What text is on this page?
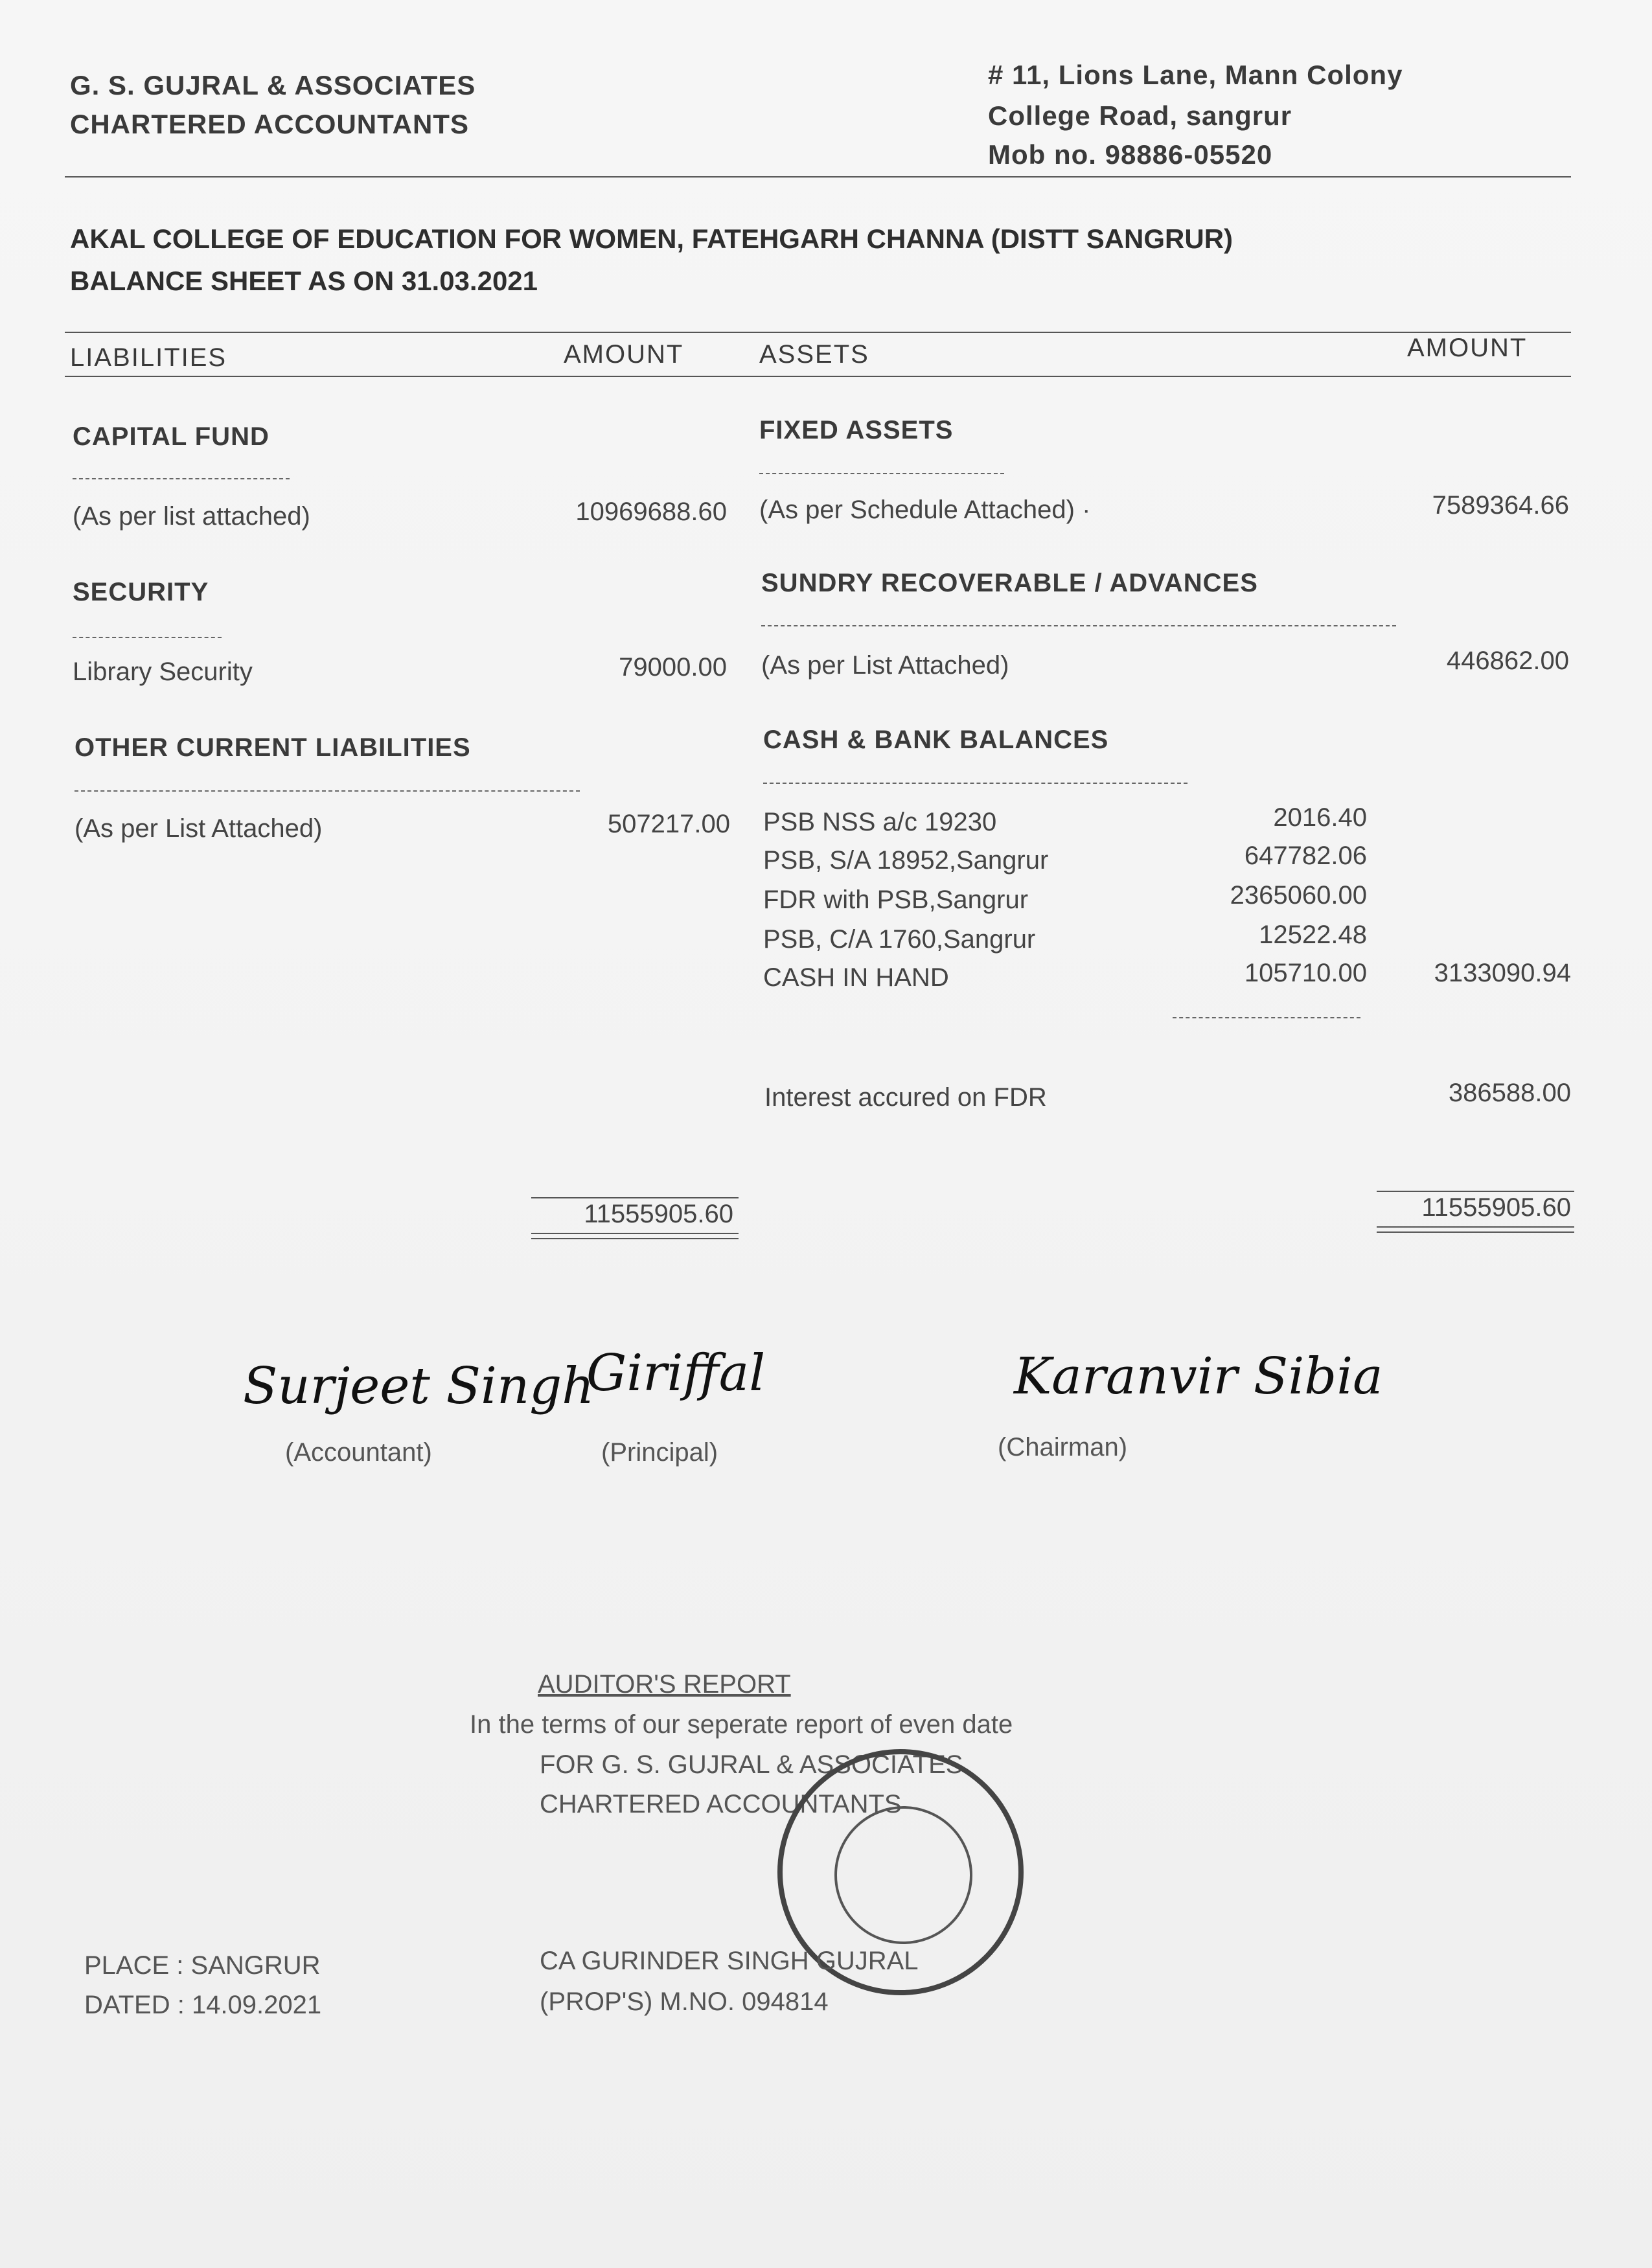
G. S. GUJRAL & ASSOCIATES
CHARTERED ACCOUNTANTS
# 11, Lions Lane, Mann Colony
College Road, sangrur
Mob no. 98886-05520
AKAL COLLEGE OF EDUCATION FOR WOMEN, FATEHGARH CHANNA (DISTT SANGRUR)
BALANCE SHEET AS ON 31.03.2021
LIABILITIES	AMOUNT	ASSETS	AMOUNT
CAPITAL FUND
(As per list attached)	10969688.60
SECURITY
Library Security	79000.00
OTHER CURRENT LIABILITIES
(As per List Attached)	507217.00
11555905.60
FIXED ASSETS
(As per Schedule Attached) ·	7589364.66
SUNDRY RECOVERABLE / ADVANCES
(As per List Attached)	446862.00
CASH & BANK BALANCES
PSB NSS a/c 19230	2016.40
PSB, S/A 18952,Sangrur	647782.06
FDR with PSB,Sangrur	2365060.00
PSB, C/A 1760,Sangrur	12522.48
CASH IN HAND	105710.00	3133090.94
Interest accured on FDR	386588.00
11555905.60
Surjeet Singh
(Accountant)
Giriffal
(Principal)
Karanvir Sibia
(Chairman)
AUDITOR'S REPORT
In the terms of our seperate report of even date
FOR G. S. GUJRAL & ASSOCIATES
CHARTERED ACCOUNTANTS
CA GURINDER SINGH GUJRAL
(PROP'S) M.NO. 094814
PLACE : SANGRUR
DATED : 14.09.2021
